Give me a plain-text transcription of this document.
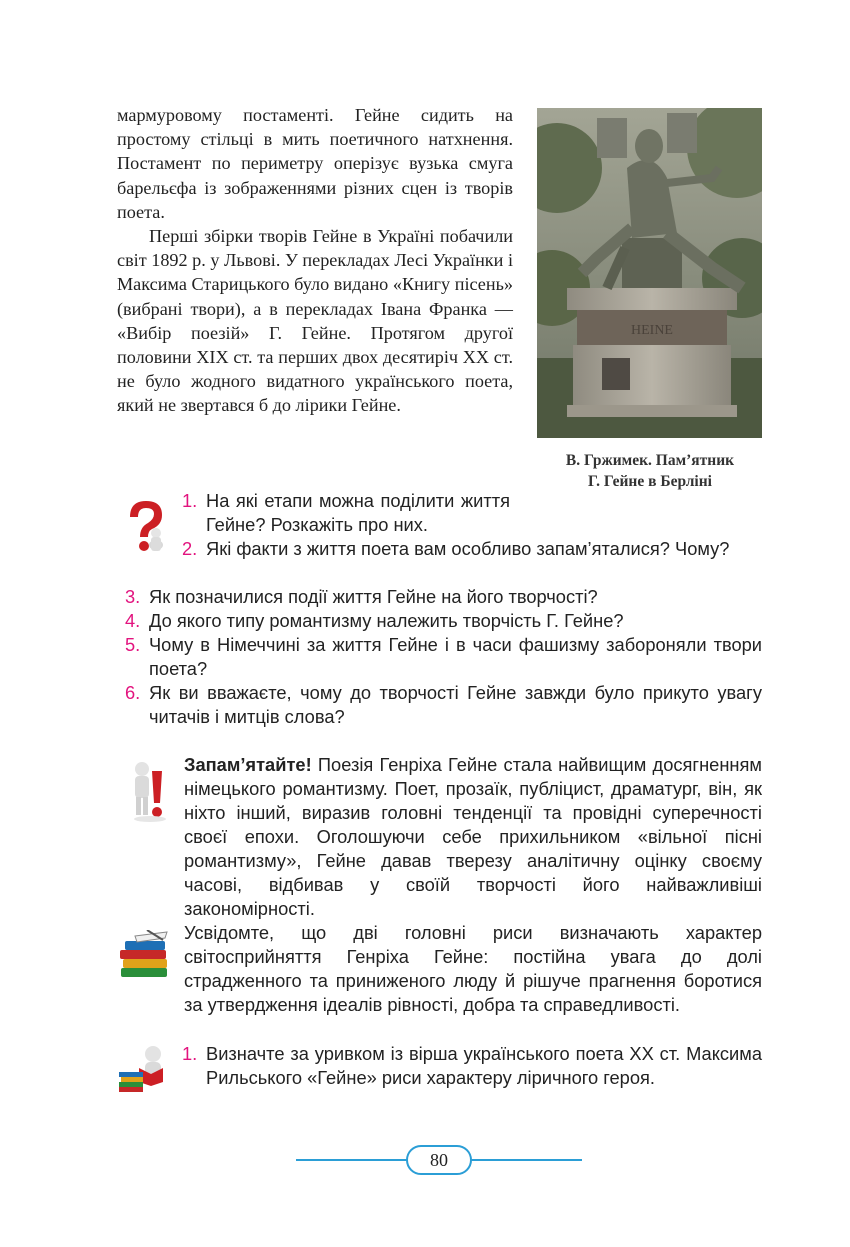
мармуровому постаменті. Гейне сидить на простому стільці в мить поетичного натхнення. Постамент по периметру оперізує вузька смуга барельєфа із зображеннями різних сцен із творів поета.

Перші збірки творів Гейне в Україні побачили світ 1892 р. у Львові. У перекладах Лесі Українки і Максима Старицького було видано «Книгу пісень» (вибрані твори), а в перекладах Івана Франка — «Вибір поезій» Г. Гейне. Протягом другої половини XIX ст. та перших двох десятиріч XX ст. не було жодного видатного українського поета, який не звертався б до лірики Гейне.

HEINE
В. Гржимек. Пам’ятник
Г. Гейне в Берліні
1. На які етапи можна поділити життя Гейне? Розкажіть про них.
2. Які факти з життя поета вам особливо запам’яталися? Чому?
3. Як позначилися події життя Гейне на його творчості?
4. До якого типу романтизму належить творчість Г. Гейне?
5. Чому в Німеччині за життя Гейне і в часи фашизму забороняли твори поета?
6. Як ви вважаєте, чому до творчості Гейне завжди було прикуто увагу читачів і митців слова?
Запам’ятайте! Поезія Генріха Гейне стала найвищим досягненням німецького романтизму. Поет, прозаїк, публіцист, драматург, він, як ніхто інший, виразив головні тенденції та провідні суперечності своєї епохи. Оголошуючи себе прихильником «вільної пісні романтизму», Гейне давав тверезу аналітичну оцінку своєму часові, відбивав у своїй творчості його найважливіші закономірності.
Усвідомте, що дві головні риси визначають характер світосприйняття Генріха Гейне: постійна увага до долі страдженного та приниженого люду й рішуче прагнення боротися за утвердження ідеалів рівності, добра та справедливості.
1. Визначте за уривком із вірша українського поета XX ст. Максима Рильського «Гейне» риси характеру ліричного героя.
80
